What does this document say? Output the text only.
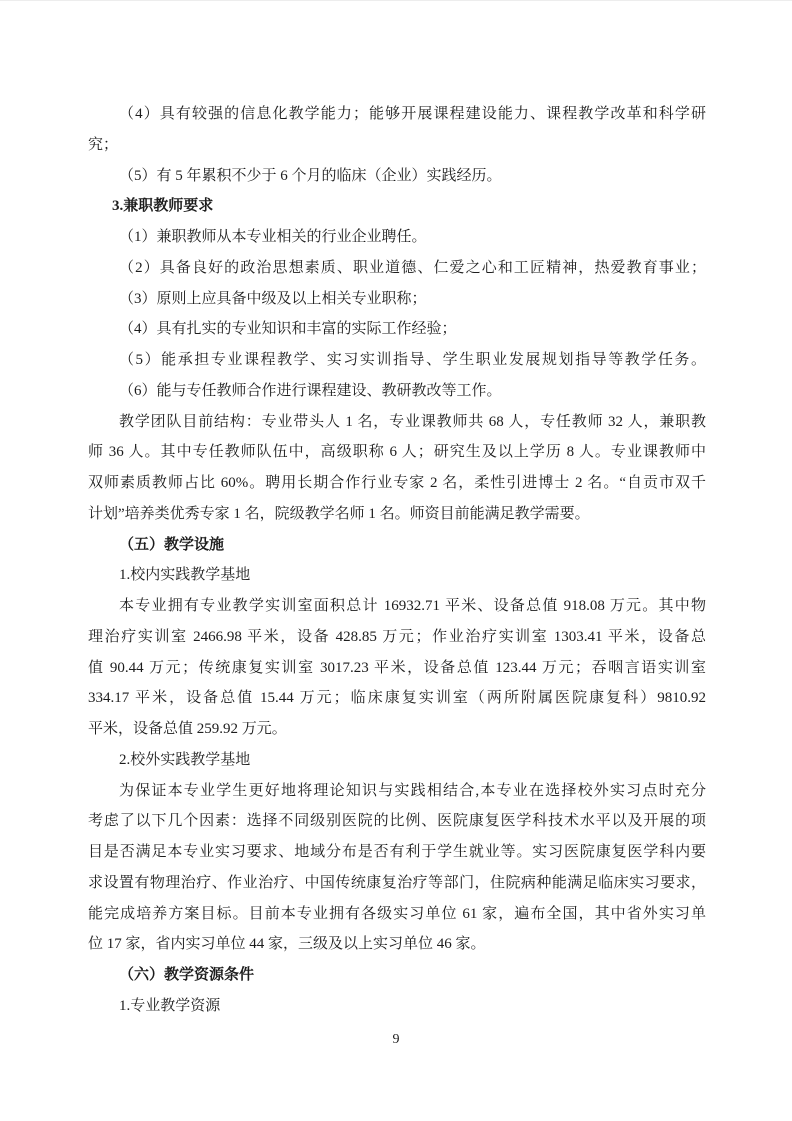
（4）具有较强的信息化教学能力；能够开展课程建设能力、课程教学改革和科学研
究；
（5）有 5 年累积不少于 6 个月的临床（企业）实践经历。
3.兼职教师要求
（1）兼职教师从本专业相关的行业企业聘任。
（2）具备良好的政治思想素质、职业道德、仁爱之心和工匠精神，热爱教育事业；
（3）原则上应具备中级及以上相关专业职称；
（4）具有扎实的专业知识和丰富的实际工作经验；
（5）能承担专业课程教学、实习实训指导、学生职业发展规划指导等教学任务。
（6）能与专任教师合作进行课程建设、教研教改等工作。
教学团队目前结构：专业带头人 1 名，专业课教师共 68 人，专任教师 32 人，兼职教
师 36 人。其中专任教师队伍中，高级职称 6 人；研究生及以上学历 8 人。专业课教师中
双师素质教师占比 60%。聘用长期合作行业专家 2 名，柔性引进博士 2 名。“自贡市双千
计划”培养类优秀专家 1 名，院级教学名师 1 名。师资目前能满足教学需要。
（五）教学设施
1.校内实践教学基地
本专业拥有专业教学实训室面积总计 16932.71 平米、设备总值 918.08 万元。其中物
理治疗实训室 2466.98 平米，设备 428.85 万元；作业治疗实训室 1303.41 平米，设备总
值 90.44 万元；传统康复实训室 3017.23 平米，设备总值 123.44 万元；吞咽言语实训室
334.17 平米，设备总值 15.44 万元；临床康复实训室（两所附属医院康复科）9810.92
平米，设备总值 259.92 万元。
2.校外实践教学基地
为保证本专业学生更好地将理论知识与实践相结合,本专业在选择校外实习点时充分
考虑了以下几个因素：选择不同级别医院的比例、医院康复医学科技术水平以及开展的项
目是否满足本专业实习要求、地域分布是否有利于学生就业等。实习医院康复医学科内要
求设置有物理治疗、作业治疗、中国传统康复治疗等部门，住院病种能满足临床实习要求，
能完成培养方案目标。目前本专业拥有各级实习单位 61 家，遍布全国，其中省外实习单
位 17 家，省内实习单位 44 家，三级及以上实习单位 46 家。
（六）教学资源条件
1.专业教学资源
9
